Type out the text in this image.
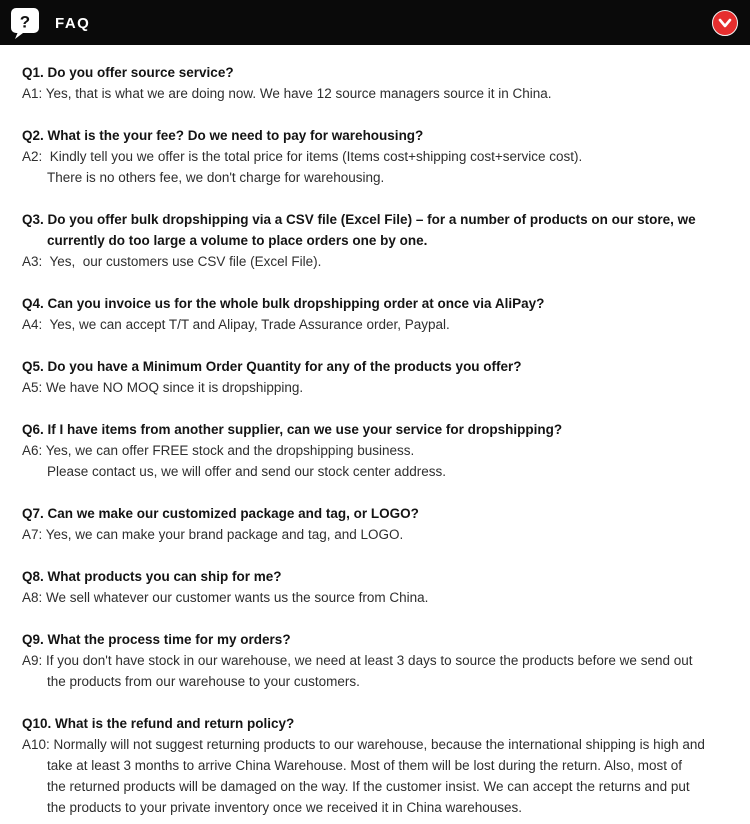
? FAQ
Q1. Do you offer source service?
A1: Yes, that is what we are doing now. We have 12 source managers source it in China.
Q2. What is the your fee? Do we need to pay for warehousing?
A2:  Kindly tell you we offer is the total price for items (Items cost+shipping cost+service cost).
There is no others fee, we don't charge for warehousing.
Q3. Do you offer bulk dropshipping via a CSV file (Excel File) – for a number of products on our store, we
currently do too large a volume to place orders one by one.
A3:  Yes,  our customers use CSV file (Excel File).
Q4. Can you invoice us for the whole bulk dropshipping order at once via AliPay?
A4:  Yes, we can accept T/T and Alipay, Trade Assurance order, Paypal.
Q5. Do you have a Minimum Order Quantity for any of the products you offer?
A5: We have NO MOQ since it is dropshipping.
Q6. If I have items from another supplier, can we use your service for dropshipping?
A6: Yes, we can offer FREE stock and the dropshipping business.
Please contact us, we will offer and send our stock center address.
Q7. Can we make our customized package and tag, or LOGO?
A7: Yes, we can make your brand package and tag, and LOGO.
Q8. What products you can ship for me?
A8: We sell whatever our customer wants us the source from China.
Q9. What the process time for my orders?
A9: If you don't have stock in our warehouse, we need at least 3 days to source the products before we send out
the products from our warehouse to your customers.
Q10. What is the refund and return policy?
A10: Normally will not suggest returning products to our warehouse, because the international shipping is high and
take at least 3 months to arrive China Warehouse. Most of them will be lost during the return. Also, most of
the returned products will be damaged on the way. If the customer insist. We can accept the returns and put
the products to your private inventory once we received it in China warehouses.
